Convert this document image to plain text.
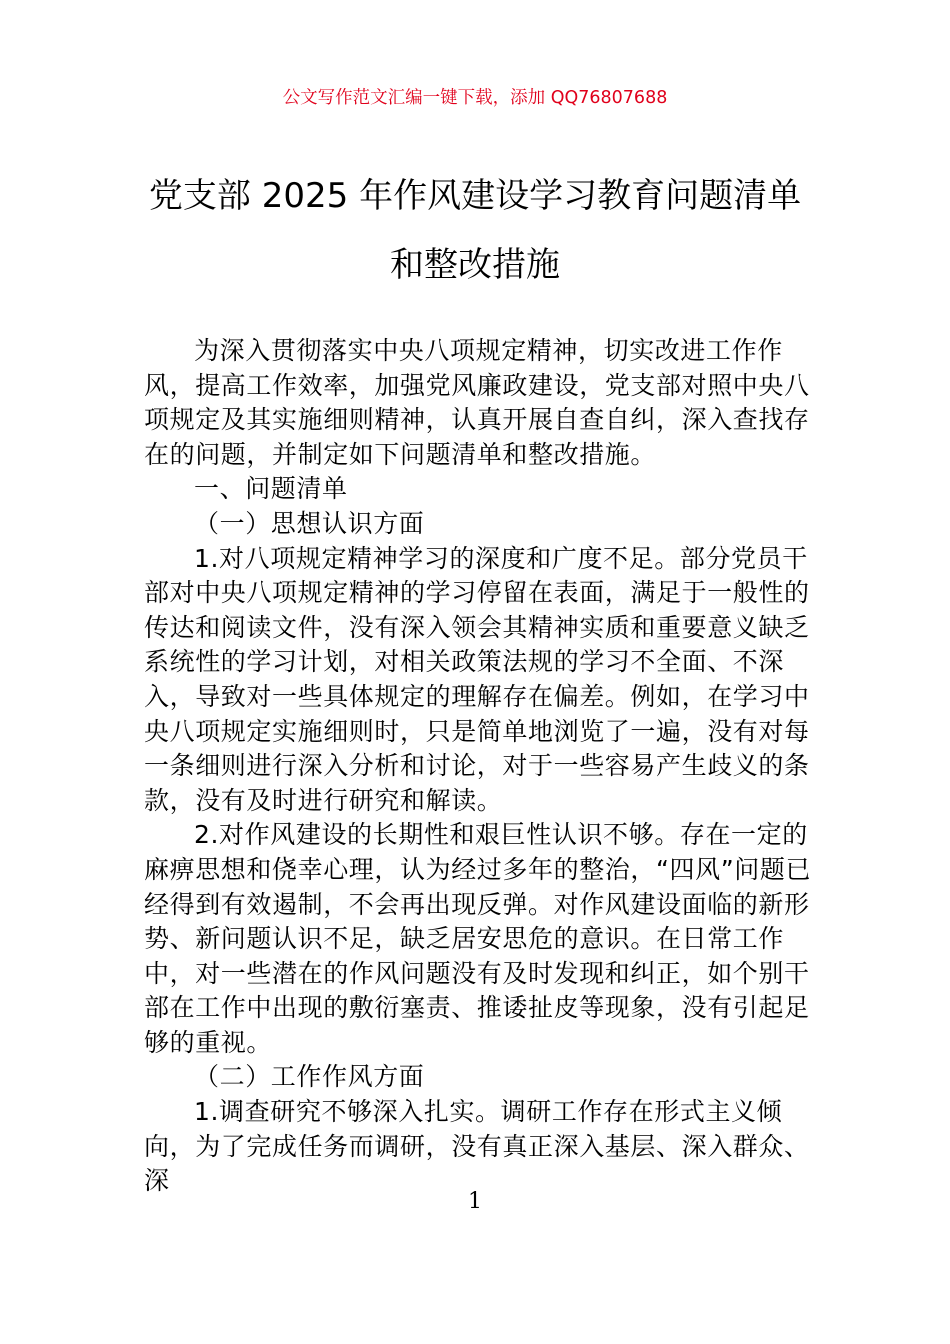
公文写作范文汇编一键下载，添加 QQ76807688
党支部 2025 年作风建设学习教育问题清单
和整改措施

为深入贯彻落实中央八项规定精神，切实改进工作作风，提高工作效率，加强党风廉政建设，党支部对照中央八项规定及其实施细则精神，认真开展自查自纠，深入查找存在的问题，并制定如下问题清单和整改措施。

一、问题清单

（一）思想认识方面

1.对八项规定精神学习的深度和广度不足。部分党员干部对中央八项规定精神的学习停留在表面，满足于一般性的传达和阅读文件，没有深入领会其精神实质和重要意义缺乏系统性的学习计划，对相关政策法规的学习不全面、不深入，导致对一些具体规定的理解存在偏差。例如，在学习中央八项规定实施细则时，只是简单地浏览了一遍，没有对每一条细则进行深入分析和讨论，对于一些容易产生歧义的条款，没有及时进行研究和解读。

2.对作风建设的长期性和艰巨性认识不够。存在一定的麻痹思想和侥幸心理，认为经过多年的整治，“四风”问题已经得到有效遏制，不会再出现反弹。对作风建设面临的新形势、新问题认识不足，缺乏居安思危的意识。在日常工作中，对一些潜在的作风问题没有及时发现和纠正，如个别干部在工作中出现的敷衍塞责、推诿扯皮等现象，没有引起足够的重视。

（二）工作作风方面

1.调查研究不够深入扎实。调研工作存在形式主义倾向，为了完成任务而调研，没有真正深入基层、深入群众、深

1
